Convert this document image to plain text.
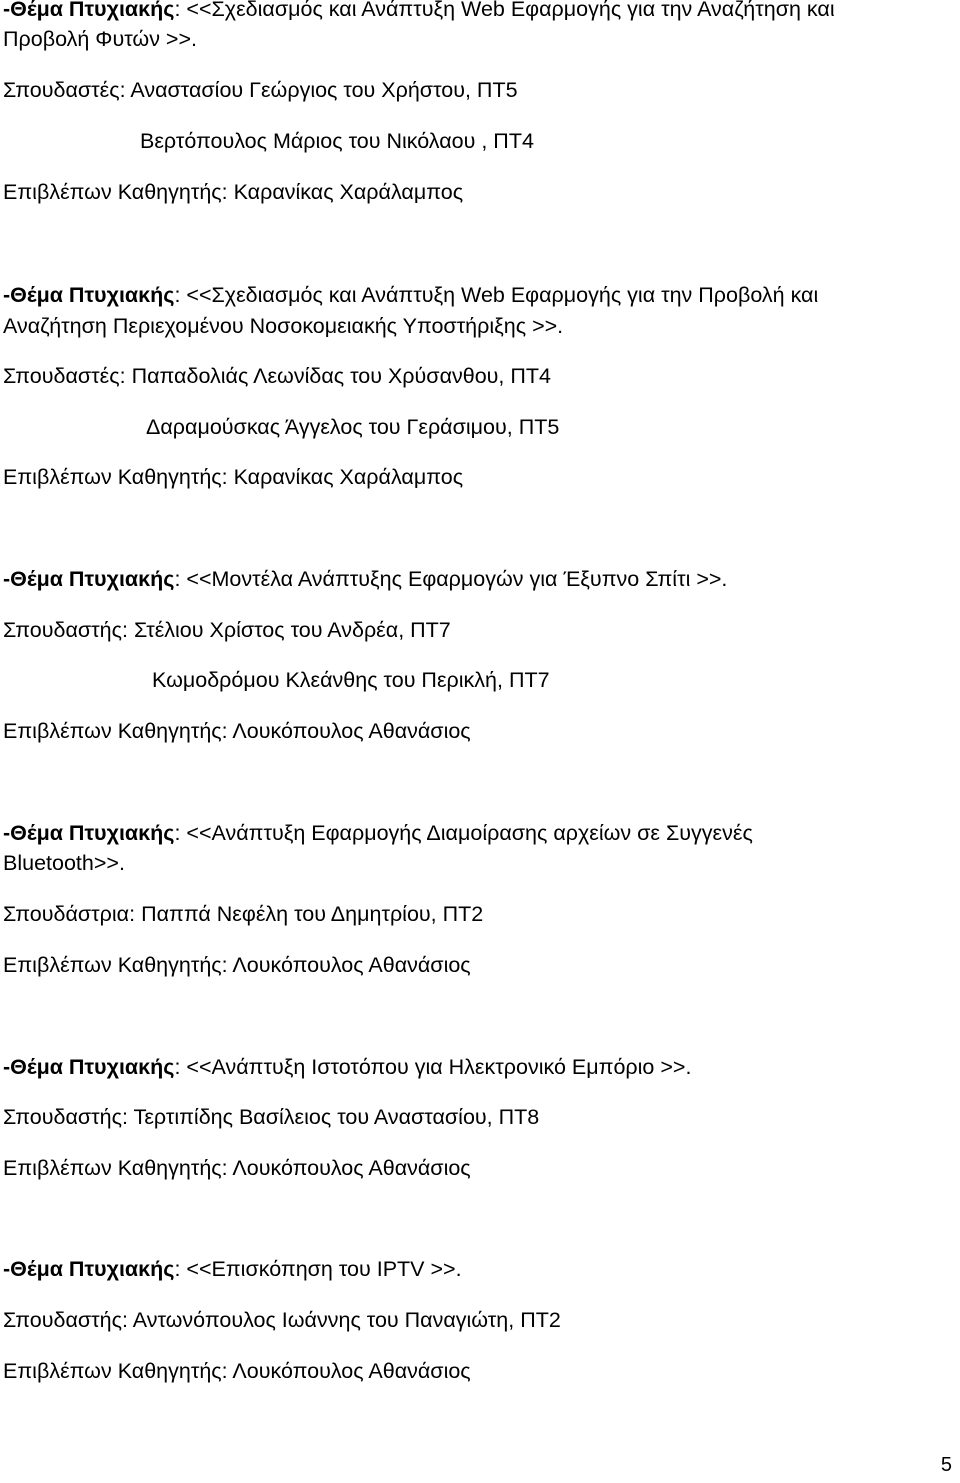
-Θέμα Πτυχιακής: <<Σχεδιασμός και Ανάπτυξη Web Εφαρμογής για την Αναζήτηση και
Προβολή Φυτών >>.
Σπουδαστές: Αναστασίου Γεώργιος του Χρήστου, ΠΤ5
Βερτόπουλος Μάριος του Νικόλαου , ΠΤ4
Επιβλέπων Καθηγητής: Καρανίκας Χαράλαμπος
-Θέμα Πτυχιακής: <<Σχεδιασμός και Ανάπτυξη Web Εφαρμογής για την Προβολή και
Αναζήτηση Περιεχομένου Νοσοκομειακής Υποστήριξης >>.
Σπουδαστές: Παπαδολιάς Λεωνίδας του Χρύσανθου, ΠΤ4
Δαραμούσκας Άγγελος του Γεράσιμου, ΠΤ5
Επιβλέπων Καθηγητής: Καρανίκας Χαράλαμπος
-Θέμα Πτυχιακής: <<Μοντέλα Ανάπτυξης Εφαρμογών για Έξυπνο Σπίτι >>.
Σπουδαστής: Στέλιου Χρίστος του Ανδρέα, ΠΤ7
Κωμοδρόμου Κλεάνθης του Περικλή, ΠΤ7
Επιβλέπων Καθηγητής: Λουκόπουλος Αθανάσιος
-Θέμα Πτυχιακής: <<Ανάπτυξη Εφαρμογής Διαμοίρασης αρχείων σε Συγγενές
Bluetooth>>.
Σπουδάστρια: Παππά Νεφέλη του Δημητρίου, ΠΤ2
Επιβλέπων Καθηγητής: Λουκόπουλος Αθανάσιος
-Θέμα Πτυχιακής: <<Ανάπτυξη Ιστοτόπου για Ηλεκτρονικό Εμπόριο >>.
Σπουδαστής: Τερτιπίδης Βασίλειος του Αναστασίου, ΠΤ8
Επιβλέπων Καθηγητής: Λουκόπουλος Αθανάσιος
-Θέμα Πτυχιακής: <<Επισκόπηση του IPTV >>.
Σπουδαστής: Αντωνόπουλος Ιωάννης του Παναγιώτη, ΠΤ2
Επιβλέπων Καθηγητής: Λουκόπουλος Αθανάσιος
5
